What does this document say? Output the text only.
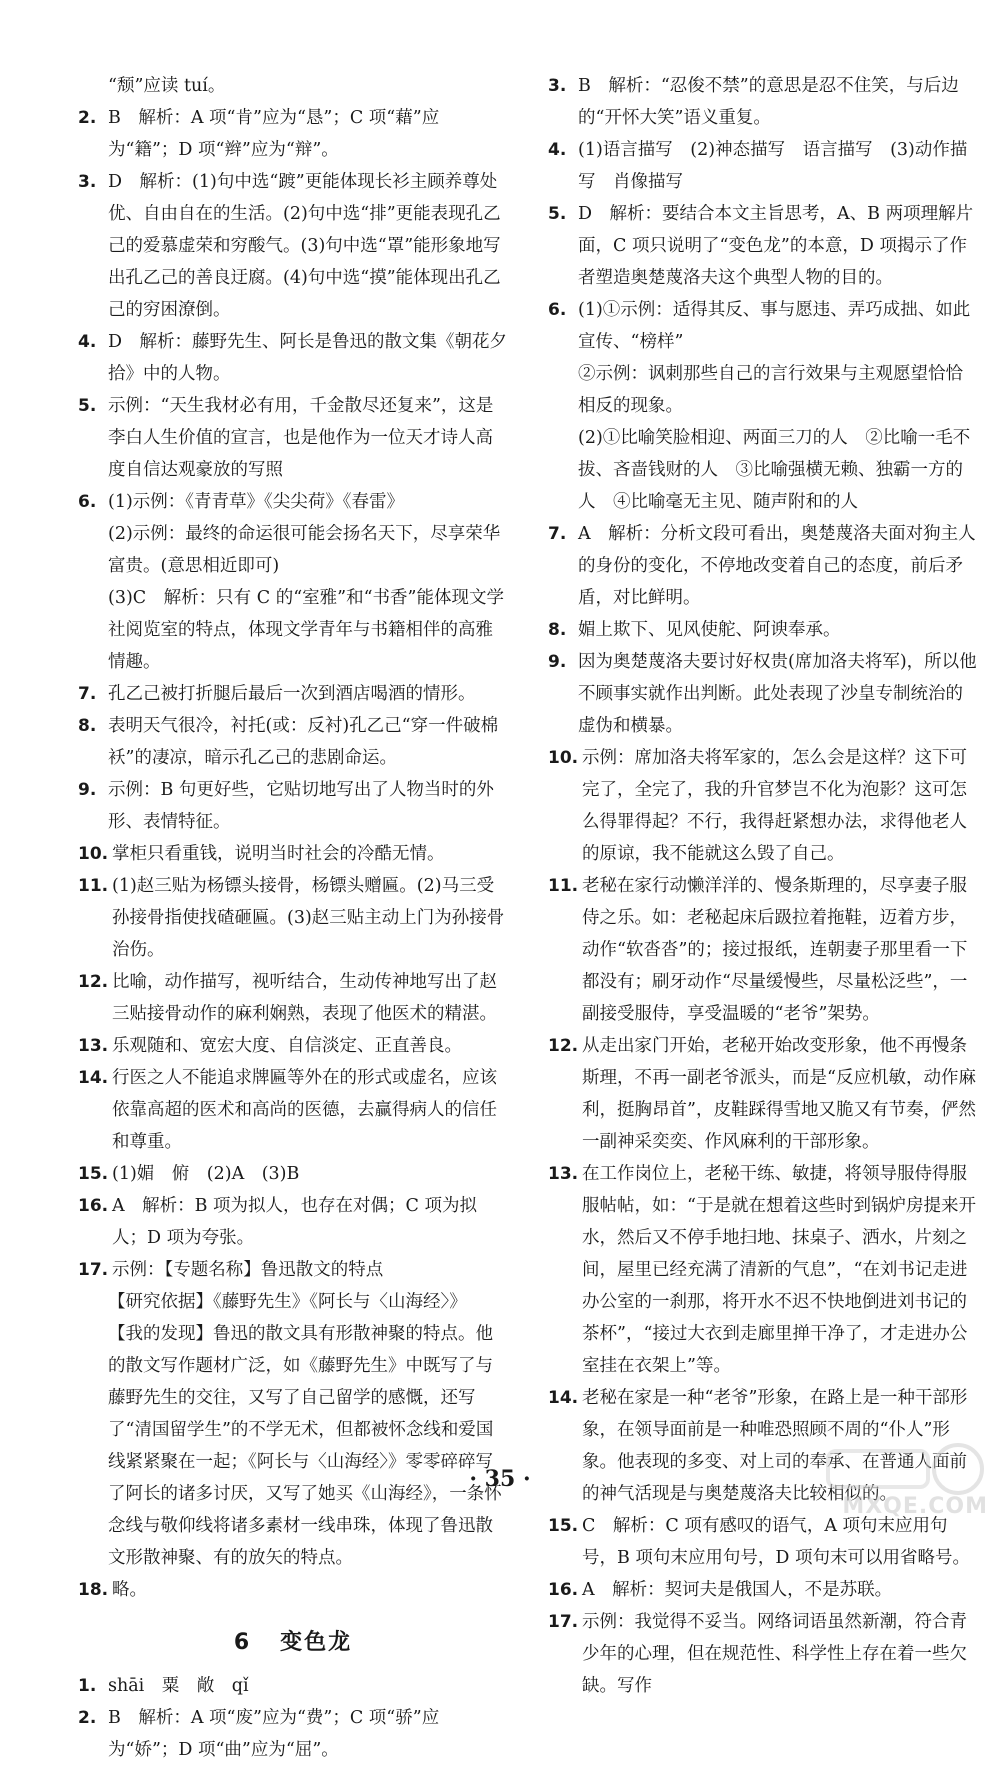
“颓”应读 tuí。

2. B　解析：A 项“肯”应为“恳”；C 项“藉”应为“籍”；D 项“辫”应为“辩”。

3. D　解析：(1)句中选“踱”更能体现长衫主顾养尊处优、自由自在的生活。(2)句中选“排”更能表现孔乙己的爱慕虚荣和穷酸气。(3)句中选“罩”能形象地写出孔乙己的善良迂腐。(4)句中选“摸”能体现出孔乙己的穷困潦倒。

4. D　解析：藤野先生、阿长是鲁迅的散文集《朝花夕拾》中的人物。

5. 示例：“天生我材必有用，千金散尽还复来”，这是李白人生价值的宣言，也是他作为一位天才诗人高度自信达观豪放的写照

6. (1)示例：《青青草》《尖尖荷》《春雷》

(2)示例：最终的命运很可能会扬名天下，尽享荣华富贵。(意思相近即可)

(3)C　解析：只有 C 的“室雅”和“书香”能体现文学社阅览室的特点，体现文学青年与书籍相伴的高雅情趣。

7. 孔乙己被打折腿后最后一次到酒店喝酒的情形。

8. 表明天气很冷，衬托(或：反衬)孔乙己“穿一件破棉袄”的凄凉，暗示孔乙己的悲剧命运。

9. 示例：B 句更好些，它贴切地写出了人物当时的外形、表情特征。

10. 掌柜只看重钱，说明当时社会的冷酷无情。

11. (1)赵三贴为杨镖头接骨，杨镖头赠匾。(2)马三受孙接骨指使找碴砸匾。(3)赵三贴主动上门为孙接骨治伤。

12. 比喻，动作描写，视听结合，生动传神地写出了赵三贴接骨动作的麻利娴熟，表现了他医术的精湛。

13. 乐观随和、宽宏大度、自信淡定、正直善良。

14. 行医之人不能追求牌匾等外在的形式或虚名，应该依靠高超的医术和高尚的医德，去赢得病人的信任和尊重。

15. (1)媚　俯　(2)A　(3)B

16. A　解析：B 项为拟人，也存在对偶；C 项为拟人；D 项为夸张。

17. 示例：【专题名称】鲁迅散文的特点

【研究依据】《藤野先生》《阿长与〈山海经〉》

【我的发现】鲁迅的散文具有形散神聚的特点。他的散文写作题材广泛，如《藤野先生》中既写了与藤野先生的交往，又写了自己留学的感慨，还写了“清国留学生”的不学无术，但都被怀念线和爱国线紧紧聚在一起；《阿长与〈山海经〉》零零碎碎写了阿长的诸多讨厌，又写了她买《山海经》，一条怀念线与敬仰线将诸多素材一线串珠，体现了鲁迅散文形散神聚、有的放矢的特点。

18. 略。

6 变色龙

1. shāi　粟　敞　qǐ

2. B　解析：A 项“废”应为“费”；C 项“骄”应为“娇”；D 项“曲”应为“屈”。

3. B　解析：“忍俊不禁”的意思是忍不住笑，与后边的“开怀大笑”语义重复。

4. (1)语言描写　(2)神态描写　语言描写　(3)动作描写　肖像描写

5. D　解析：要结合本文主旨思考，A、B 两项理解片面，C 项只说明了“变色龙”的本意，D 项揭示了作者塑造奥楚蔑洛夫这个典型人物的目的。

6. (1)①示例：适得其反、事与愿违、弄巧成拙、如此宣传、“榜样”

②示例：讽刺那些自己的言行效果与主观愿望恰恰相反的现象。

(2)①比喻笑脸相迎、两面三刀的人　②比喻一毛不拔、吝啬钱财的人　③比喻强横无赖、独霸一方的人　④比喻毫无主见、随声附和的人

7. A　解析：分析文段可看出，奥楚蔑洛夫面对狗主人的身份的变化，不停地改变着自己的态度，前后矛盾，对比鲜明。

8. 媚上欺下、见风使舵、阿谀奉承。

9. 因为奥楚蔑洛夫要讨好权贵(席加洛夫将军)，所以他不顾事实就作出判断。此处表现了沙皇专制统治的虚伪和横暴。

10. 示例：席加洛夫将军家的，怎么会是这样？这下可完了，全完了，我的升官梦岂不化为泡影？这可怎么得罪得起？不行，我得赶紧想办法，求得他老人的原谅，我不能就这么毁了自己。

11. 老秘在家行动懒洋洋的、慢条斯理的，尽享妻子服侍之乐。如：老秘起床后趿拉着拖鞋，迈着方步，动作“软沓沓”的；接过报纸，连朝妻子那里看一下都没有；刷牙动作“尽量缓慢些，尽量松泛些”，一副接受服侍，享受温暖的“老爷”架势。

12. 从走出家门开始，老秘开始改变形象，他不再慢条斯理，不再一副老爷派头，而是“反应机敏，动作麻利，挺胸昂首”，皮鞋踩得雪地又脆又有节奏，俨然一副神采奕奕、作风麻利的干部形象。

13. 在工作岗位上，老秘干练、敏捷，将领导服侍得服服帖帖，如：“于是就在想着这些时到锅炉房提来开水，然后又不停手地扫地、抹桌子、洒水，片刻之间，屋里已经充满了清新的气息”，“在刘书记走进办公室的一刹那，将开水不迟不快地倒进刘书记的茶杯”，“接过大衣到走廊里掸干净了，才走进办公室挂在衣架上”等。

14. 老秘在家是一种“老爷”形象，在路上是一种干部形象，在领导面前是一种唯恐照顾不周的“仆人”形象。他表现的多变、对上司的奉承、在普通人面前的神气活现是与奥楚蔑洛夫比较相似的。

15. C　解析：C 项有感叹的语气，A 项句末应用句号，B 项句末应用句号，D 项句末可以用省略号。

16. A　解析：契诃夫是俄国人，不是苏联。

17. 示例：我觉得不妥当。网络词语虽然新潮，符合青少年的心理，但在规范性、科学性上存在着一些欠缺。写作

· 35 ·
MXQE.COM
